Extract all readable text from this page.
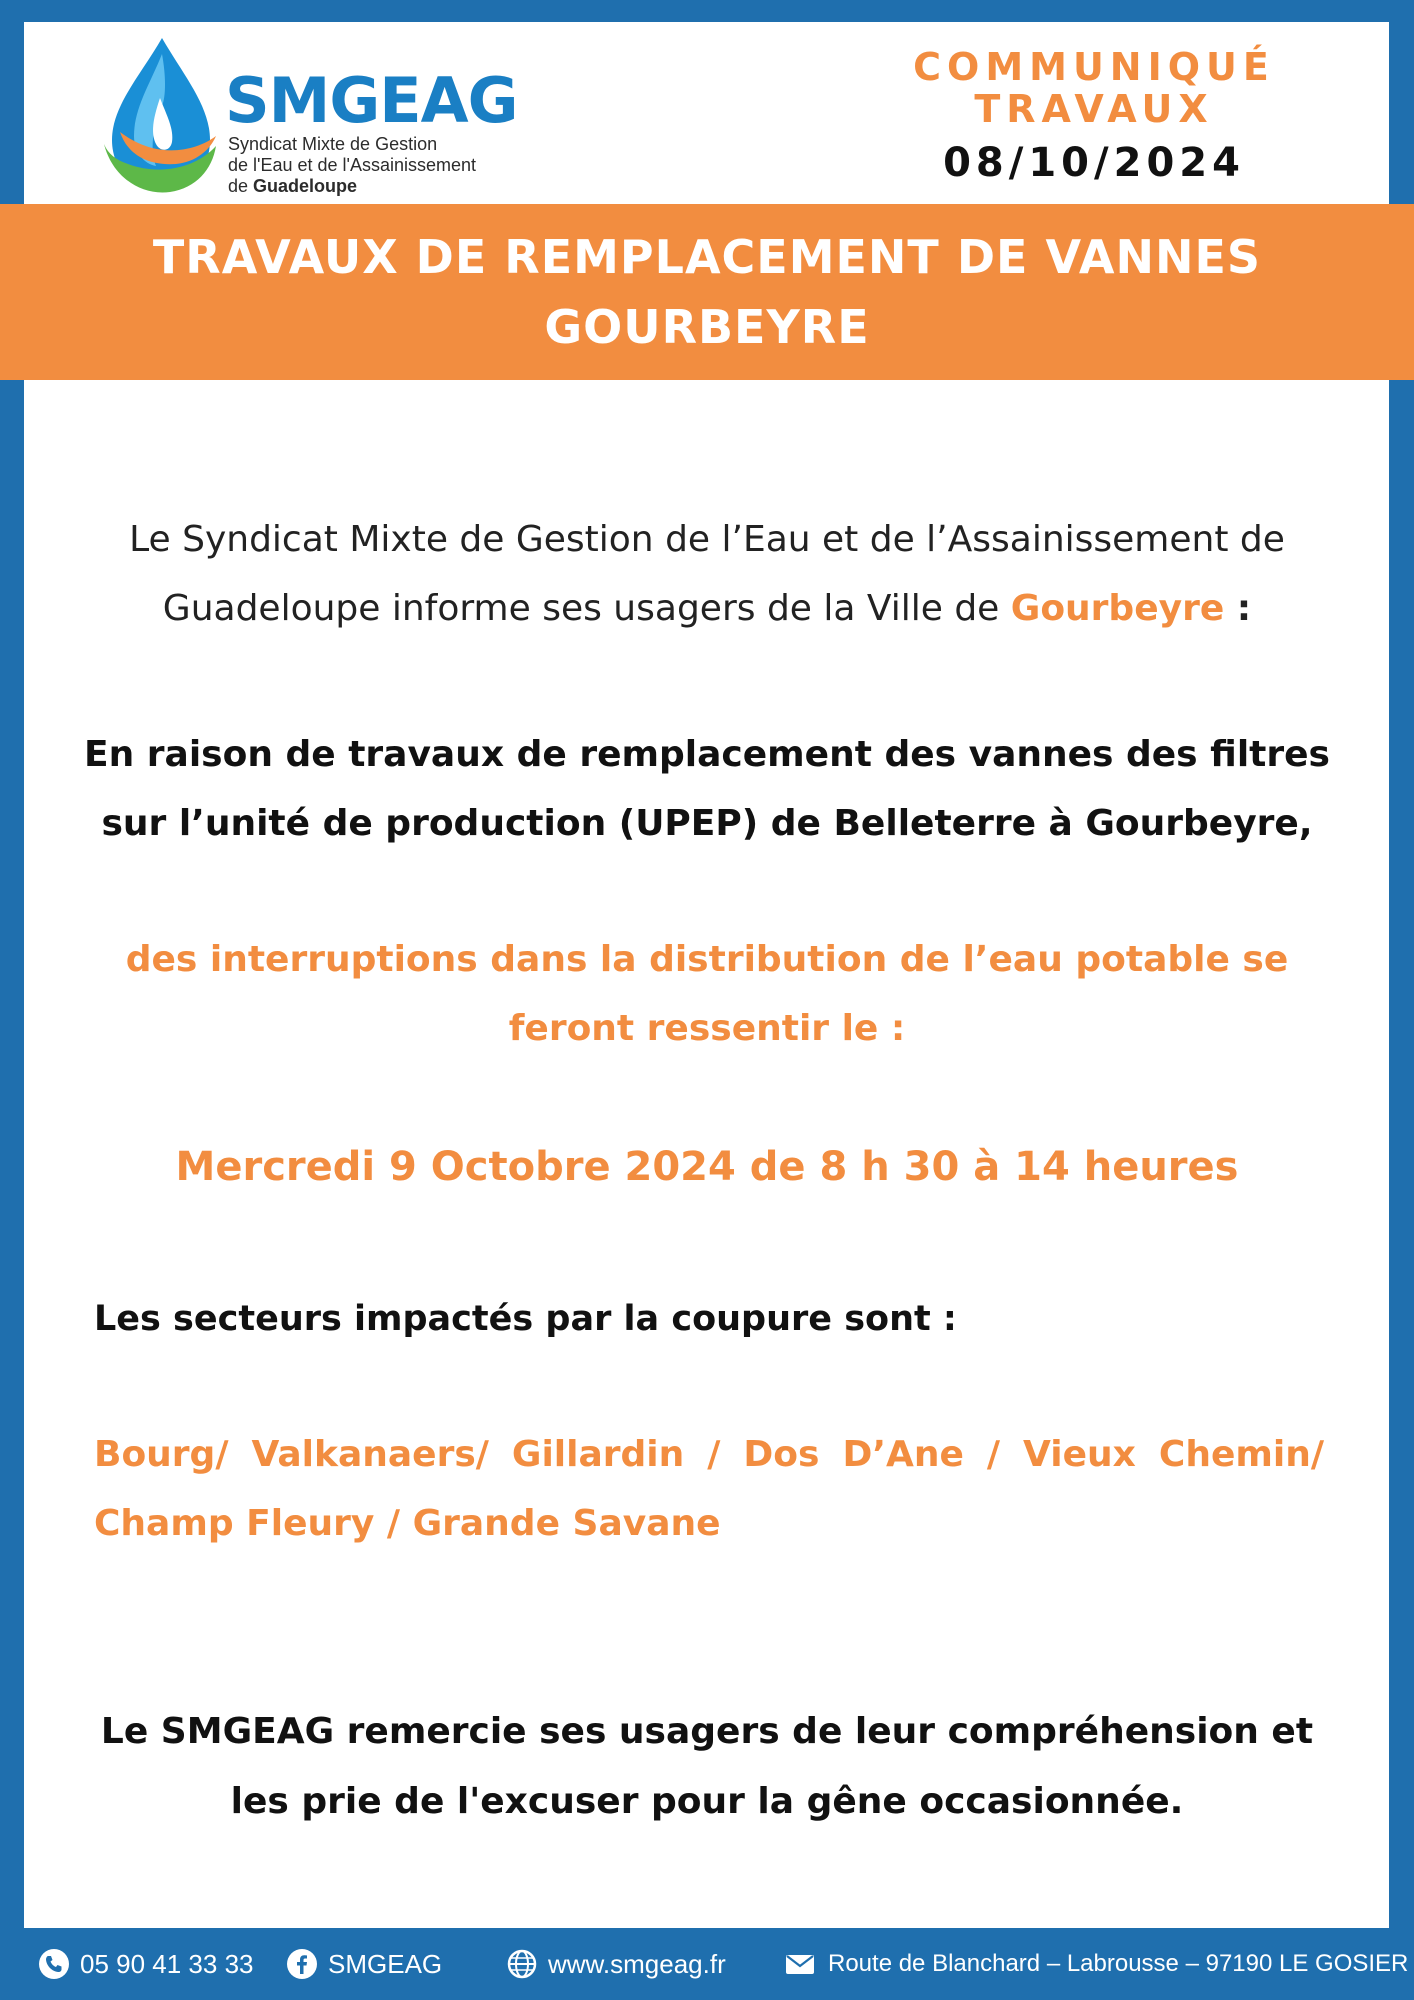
SMGEAG
Syndicat Mixte de Gestion
de l'Eau et de l'Assainissement
de Guadeloupe
COMMUNIQUÉ
TRAVAUX
08/10/2024
TRAVAUX DE REMPLACEMENT DE VANNES
GOURBEYRE
Le Syndicat Mixte de Gestion de l’Eau et de l’Assainissement de
Guadeloupe informe ses usagers de la Ville de Gourbeyre :
En raison de travaux de remplacement des vannes des filtres
sur l’unité de production (UPEP) de Belleterre à Gourbeyre,
des interruptions dans la distribution de l’eau potable se
feront ressentir le :
Mercredi 9 Octobre 2024 de 8 h 30 à 14 heures
Les secteurs impactés par la coupure sont :
Bourg/ Valkanaers/ Gillardin / Dos D’Ane / Vieux Chemin/
Champ Fleury / Grande Savane
Le SMGEAG remercie ses usagers de leur compréhension et
les prie de l'excuser pour la gêne occasionnée.
05 90 41 33 33	SMGEAG	www.smgeag.fr	Route de Blanchard – Labrousse – 97190 LE GOSIER
